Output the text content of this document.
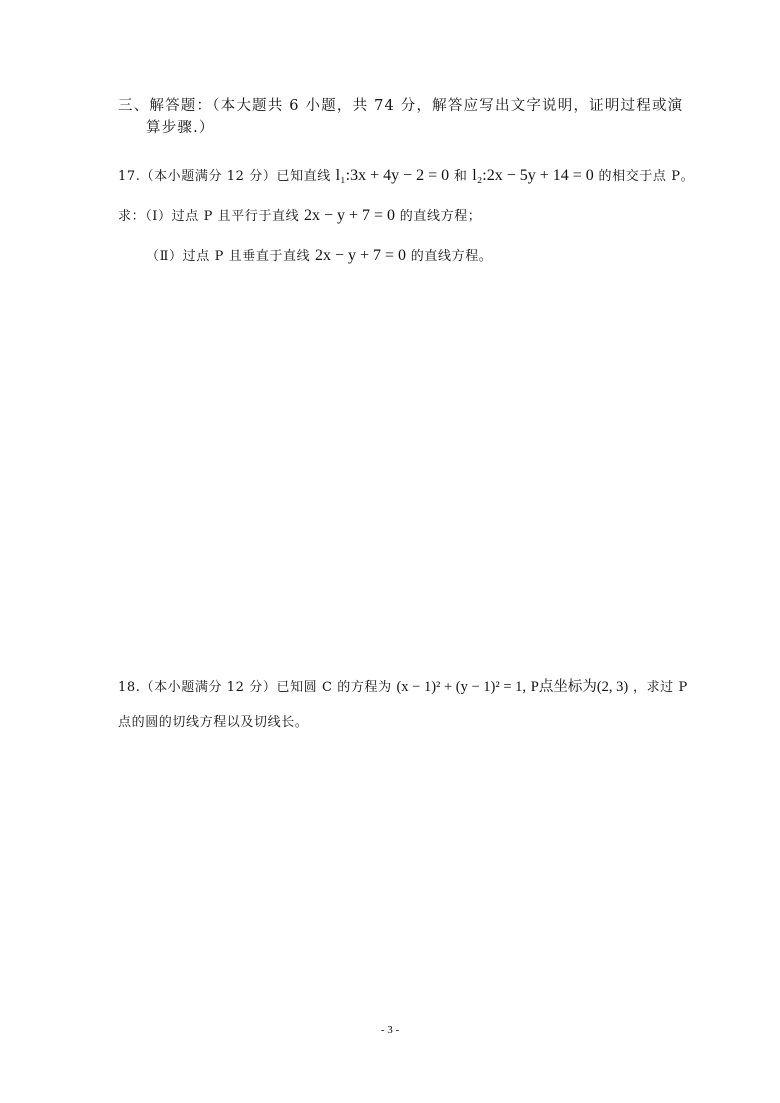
三、解答题：（本大题共 6 小题，共 74 分，解答应写出文字说明，证明过程或演
算步骤.）
17.（本小题满分 12 分）已知直线 l₁:3x + 4y − 2 = 0 和 l₂:2x − 5y + 14 = 0 的相交于点 P。
求：（Ⅰ）过点 P 且平行于直线 2x − y + 7 = 0 的直线方程；
（Ⅱ）过点 P 且垂直于直线 2x − y + 7 = 0 的直线方程。
18.（本小题满分 12 分）已知圆 C 的方程为 (x − 1)² + (y − 1)² = 1, P点坐标为(2, 3) ，求过 P
点的圆的切线方程以及切线长。
- 3 -
